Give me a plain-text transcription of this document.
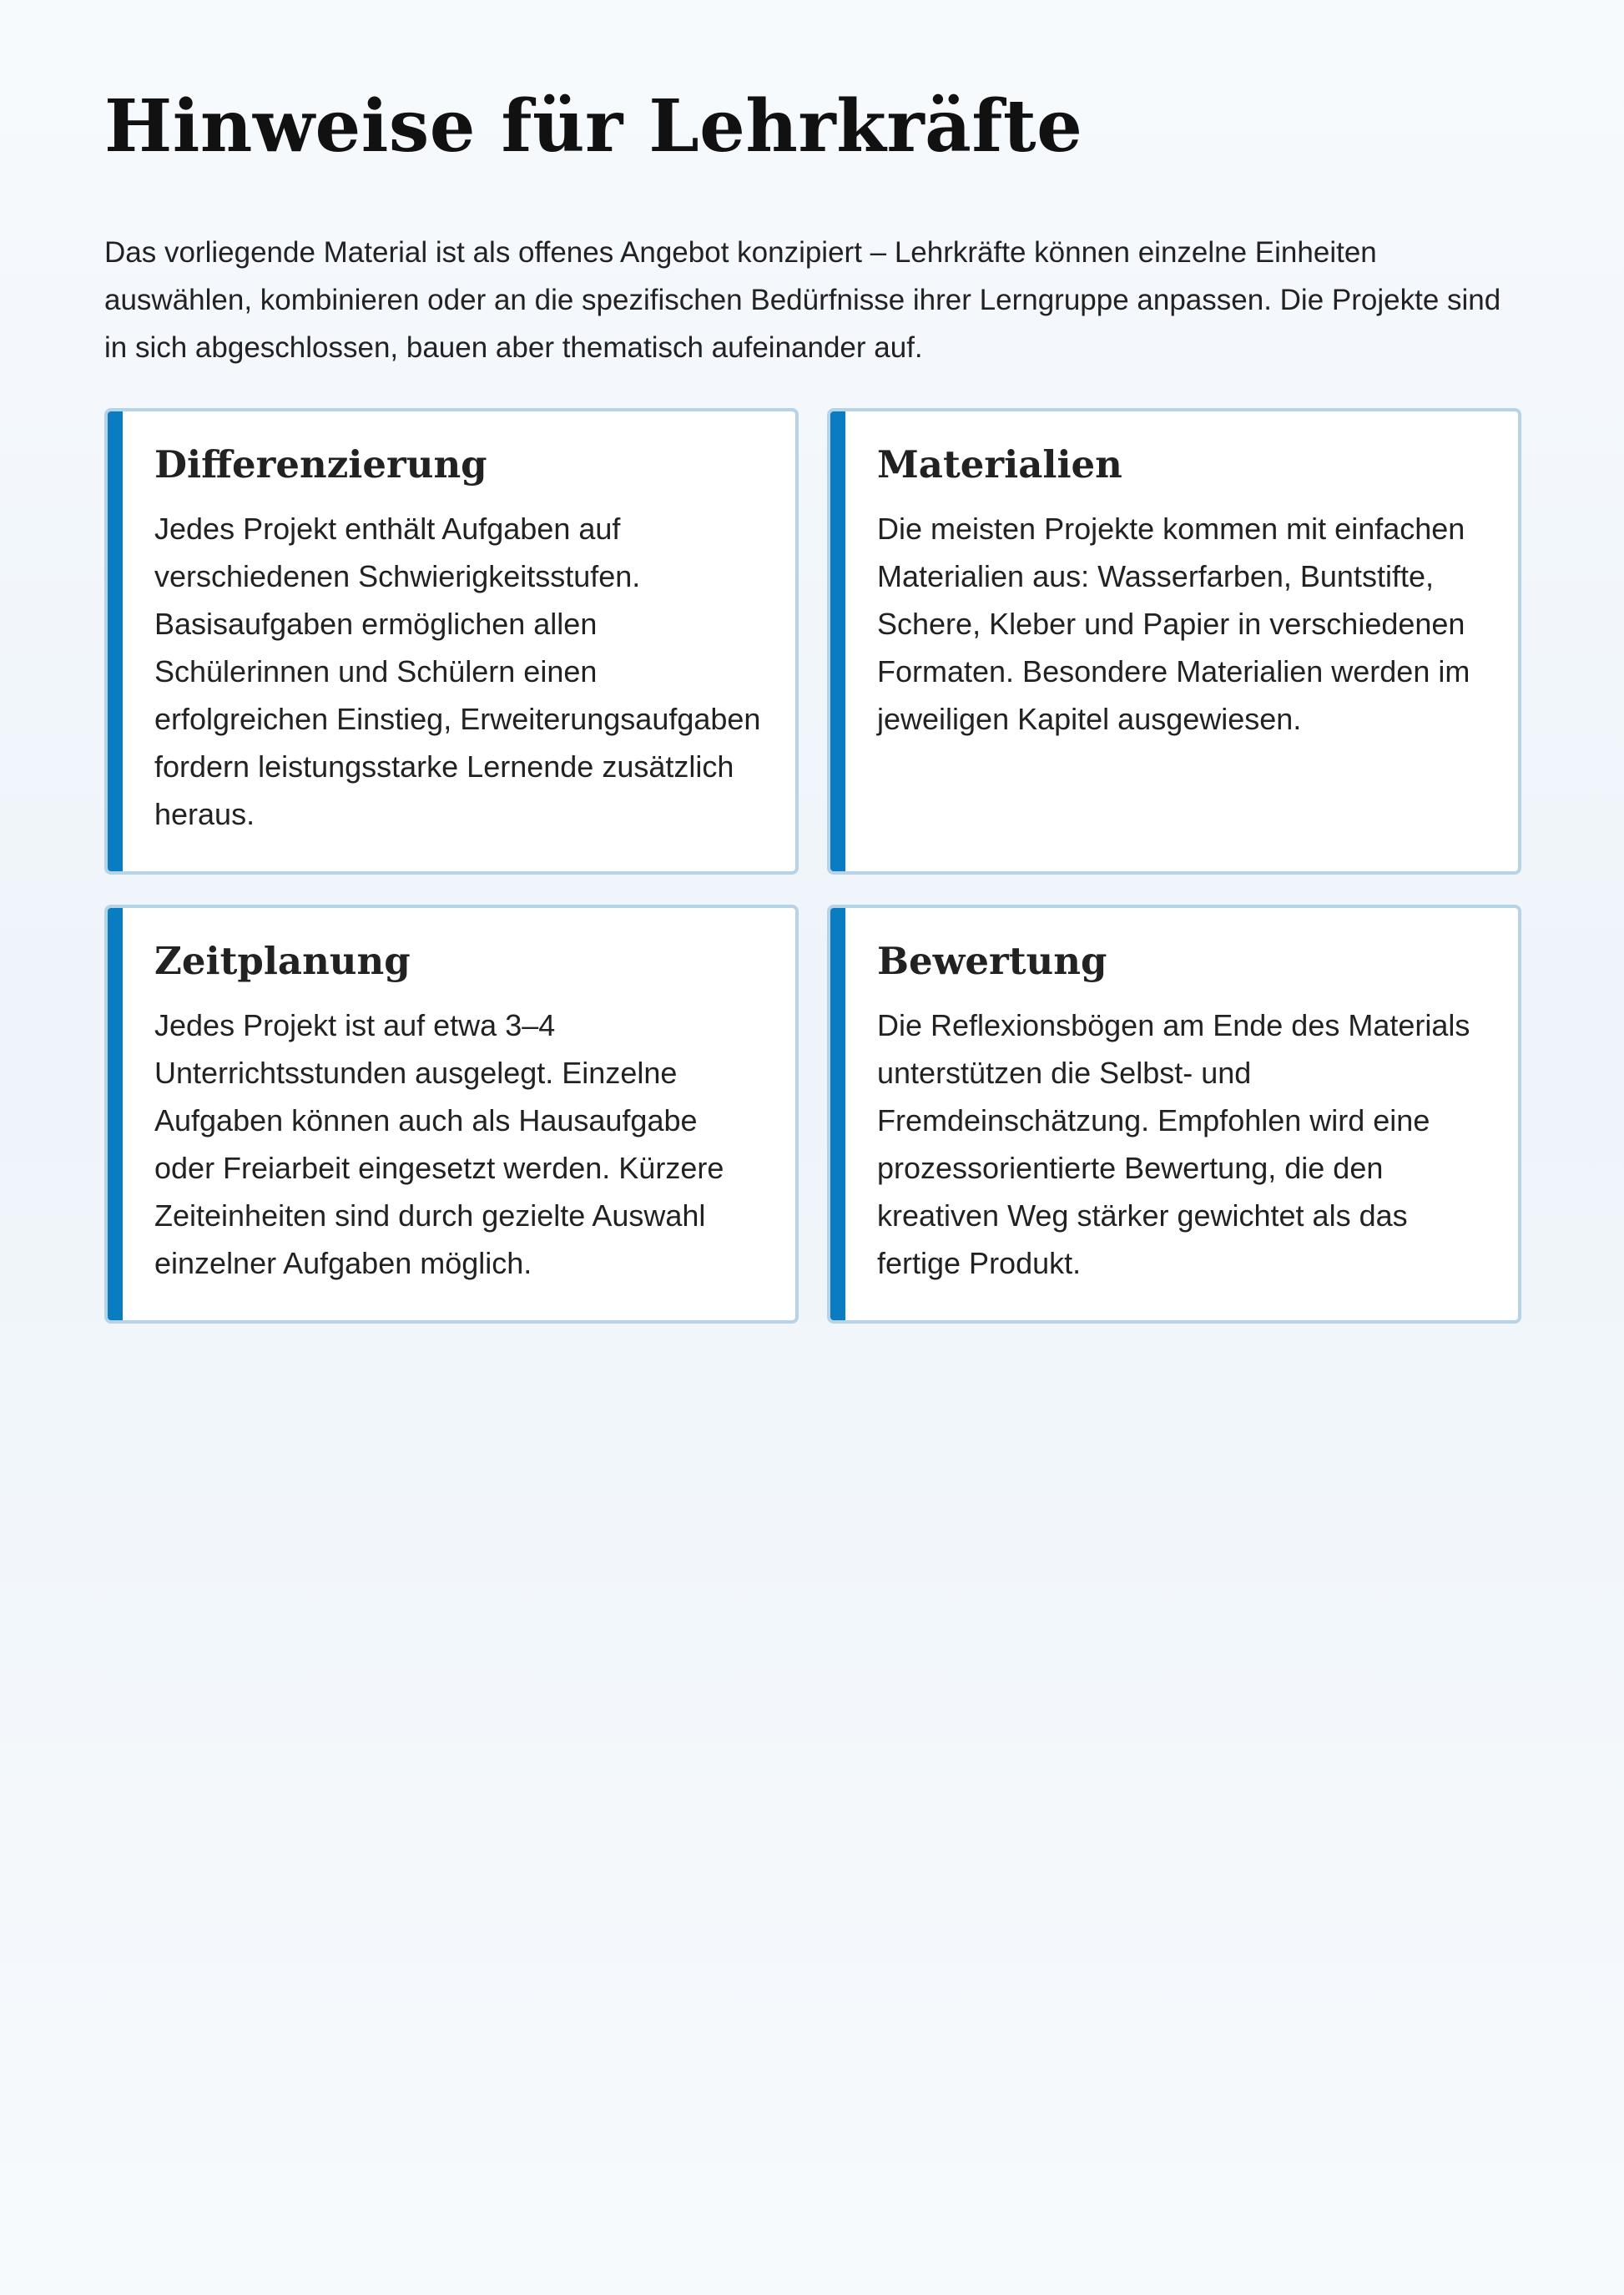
Hinweise für Lehrkräfte

Das vorliegende Material ist als offenes Angebot konzipiert – Lehrkräfte können einzelne Einheiten auswählen, kombinieren oder an die spezifischen Bedürfnisse ihrer Lerngruppe anpassen. Die Projekte sind in sich abgeschlossen, bauen aber thematisch aufeinander auf.

Differenzierung

Jedes Projekt enthält Aufgaben auf verschiedenen Schwierigkeitsstufen. Basisaufgaben ermöglichen allen Schülerinnen und Schülern einen erfolgreichen Einstieg, Erweiterungsaufgaben fordern leistungsstarke Lernende zusätzlich heraus.

Materialien

Die meisten Projekte kommen mit einfachen Materialien aus: Wasserfarben, Buntstifte, Schere, Kleber und Papier in verschiedenen Formaten. Besondere Materialien werden im jeweiligen Kapitel ausgewiesen.

Zeitplanung

Jedes Projekt ist auf etwa 3–4 Unterrichtsstunden ausgelegt. Einzelne Aufgaben können auch als Hausaufgabe oder Freiarbeit eingesetzt werden. Kürzere Zeiteinheiten sind durch gezielte Auswahl einzelner Aufgaben möglich.

Bewertung

Die Reflexionsbögen am Ende des Materials unterstützen die Selbst- und Fremdeinschätzung. Empfohlen wird eine prozessorientierte Bewertung, die den kreativen Weg stärker gewichtet als das fertige Produkt.
